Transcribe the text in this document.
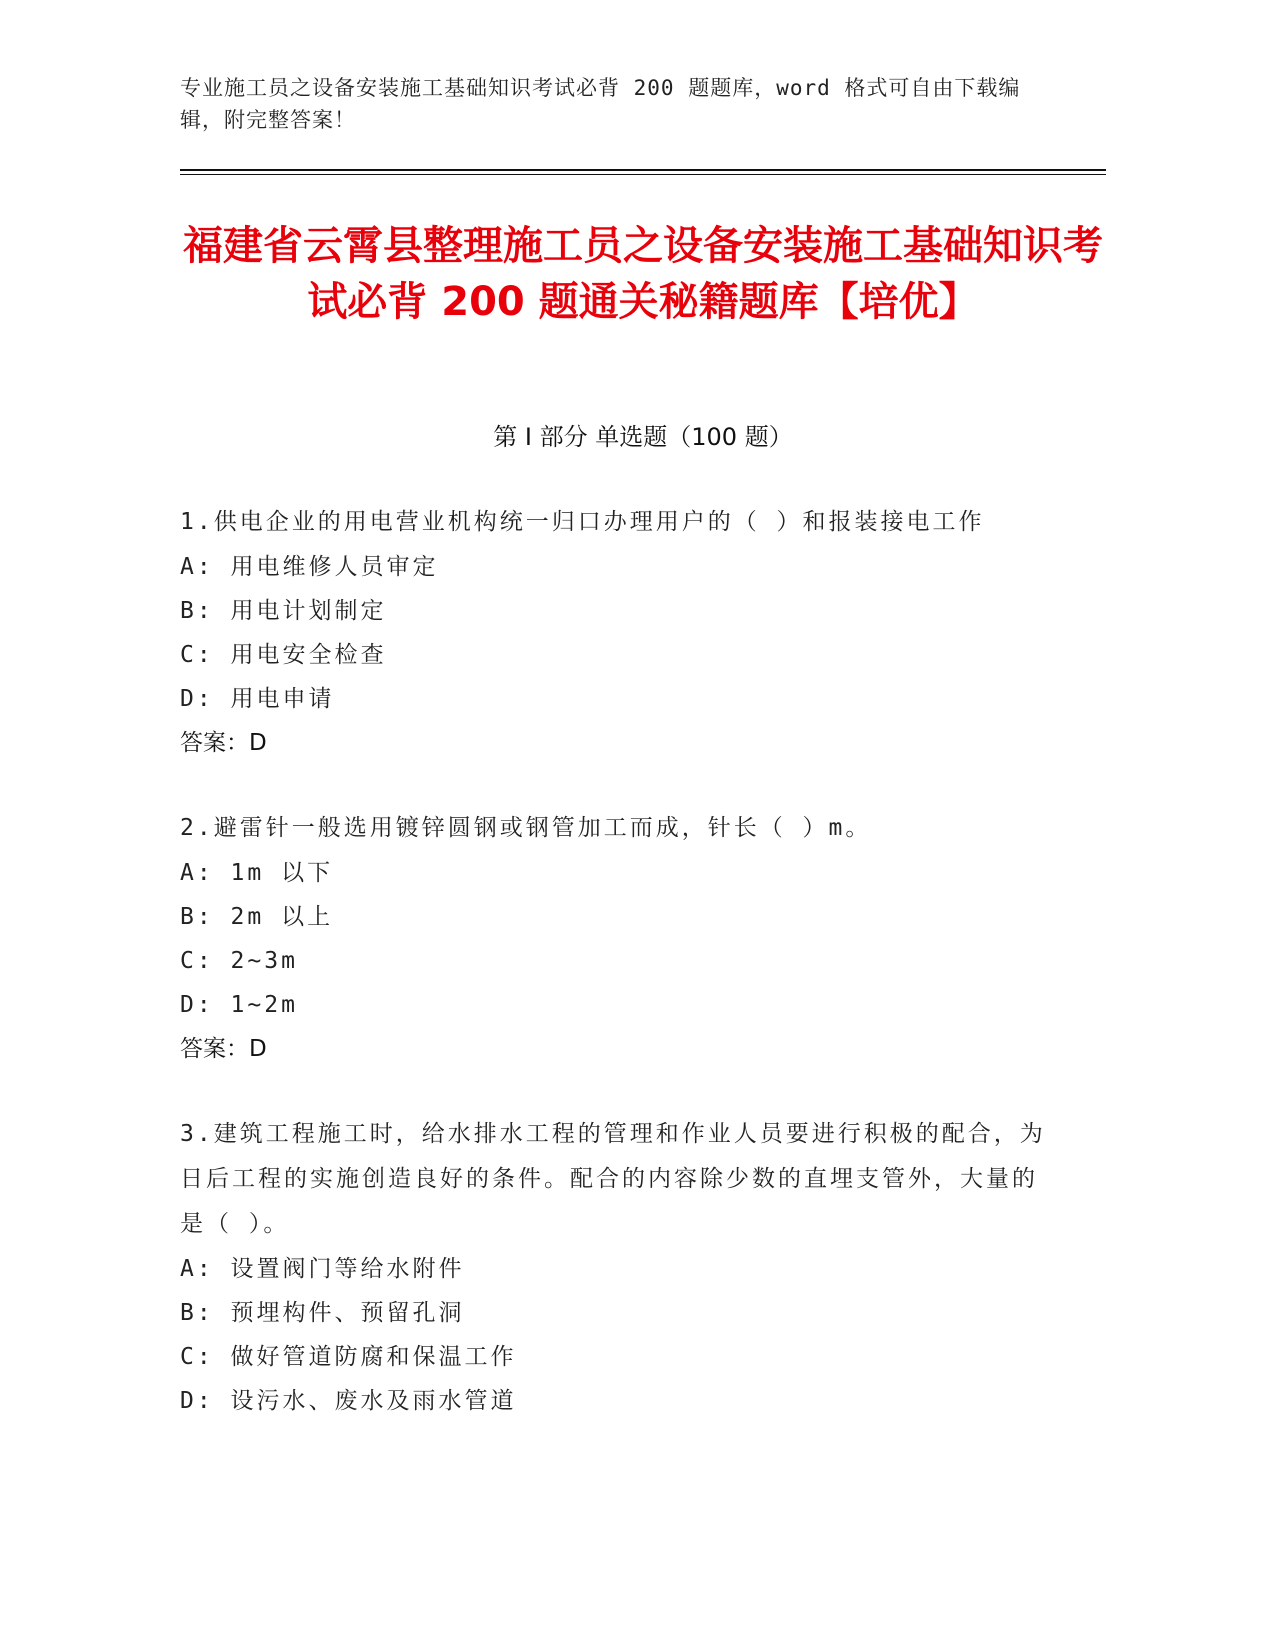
专业施工员之设备安装施工基础知识考试必背 200 题题库，word 格式可自由下载编辑，附完整答案！
福建省云霄县整理施工员之设备安装施工基础知识考试必背 200 题通关秘籍题库【培优】
第 I 部分 单选题（100 题）
1.供电企业的用电营业机构统一归口办理用户的（ ）和报装接电工作
A: 用电维修人员审定
B: 用电计划制定
C: 用电安全检查
D: 用电申请
答案：D
2.避雷针一般选用镀锌圆钢或钢管加工而成，针长（ ）m。
A: 1m 以下
B: 2m 以上
C: 2~3m
D: 1~2m
答案：D
3.建筑工程施工时，给水排水工程的管理和作业人员要进行积极的配合，为日后工程的实施创造良好的条件。配合的内容除少数的直埋支管外，大量的是（ ）。
A: 设置阀门等给水附件
B: 预埋构件、预留孔洞
C: 做好管道防腐和保温工作
D: 设污水、废水及雨水管道
